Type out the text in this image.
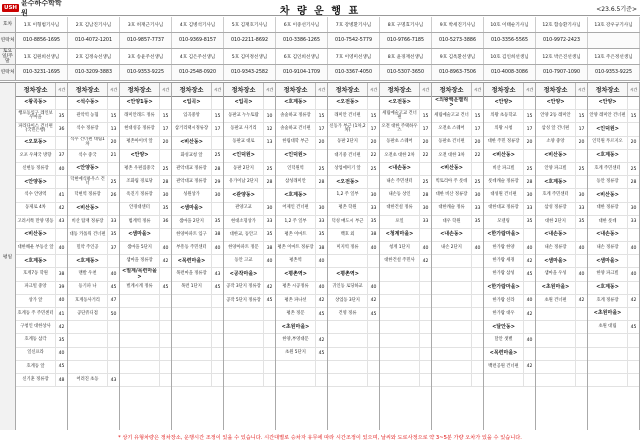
USH
윤수하수학학원	차 량 운 행 표	<23.6.5기준>
호차	1호 이형범기사님	2호 김남진기사님	3호 허재근기사님	4호 김병석기사님	5호 김재호기사님	6호 이중선기사님	7호 강병환기사님	8호 구명효기사님	9호 박세진기사님	10호 이태순기사님	12호 함승환기사님	13호 강우규기사님
연락처	010-8856-1695	010-4072-1201	010-9857-7737	010-9369-8157	010-2211-8692	010-3386-1265	010-7542-5779	010-9766-7185	010-5273-3886	010-3356-5565	010-9972-2423
토요일/주말
1호 김원희선생님	2호 김정숙선생님	3호 송윤주선생님	4호 김은주선생님	5호 김미정선생님	6호 김인희선생님	7호 이영미선생님	8호 윤경재선생님	9호 김옥환선생님	10호 김인희선생님	12호 박은진선생님	13호 주은정선생님
연락처	010-3231-1695	010-3209-3883	010-9353-9225	010-2548-0920	010-9343-2582	010-9104-1709	010-3367-4050	010-5307-3650	010-8963-7506	010-4008-3086	010-7907-1090	010-9353-9225
평일
정차장소	시간
<왕곡동>
행포동입구 레인보우마을	35
파라다이스 건너편(국민은행)	36
<오포동>
오포 우체국 방향	37
신현동 정류장	40
<안양동>
석수 안양역	41
동제로 4차	42
고려서쪽 만양 명동	43
<비산동>
대한해운 부동산 앞	40
<호계동>
호계7동 학원	38
파크빌 중앙	39
상가 앞	40
호계동 주 주민센터	41
구청인 대한상사	42
호계동 삼각	35
일신프라	40
호계동 앞	45
신기훈 정류장	48
정차장소	시간
<석수동>
관악역 농협	15
석수 정류장	13
석수 건너편 대림1차	20
석수 중국	21
<안양동>
덕현예식하우스 건너	25
덕현역 정류장	26
<비산동>
비산 탑재 정류장	33
대동 카톨릭 건너편	35
밀약 주인공	37
<호계동>
맨발 우천	40
등기파 나	45
호계동사거리	47
공단쥬디점	50
어려진 초동	43
정차장소	시간
<안양1동>
래미안래드 정류	15
현대성공 정류장	17
평촌아이비 앞	20
<안양>
평촌 우편집중국	25
조화림 경로당	28
옥진기 정류장	30
안경대센터	35
범계역 정류	36
<샘마을>
샘마을 5단지	40
샘마을 정류장	42
<벌계/목련마을>
벌계시계 정류	45
정차장소	시간
<입곡>
입곡중앙	15
삼거리택시정류장	17
<비산동>
화성교청 앞	25
관악대교 정류장	28
관악대교 정류장	29
성원상가	30
<샘마을>
샘마을 2단지	35
한양아파트 입구	38
부흥동 주민센터	40
<목련마을>
목련마을 정류장	43
목련 1단지	45
정차장소	시간
<입곡>
동판교 누누토람	10
동판교 사거리	12
동판교 대로	13
<인덕원>
동판 2단지	25
유가이남 2단지	28
<관양동>
관양고교	30
현대소형상가	33
대한교, 동안고	35
한양아파트 정문	38
동안 고교	40
<공작마을>
공작 3단지 정류장	42
공작 5단지 정류장	45
정차장소	시간
<호계동>
솔숲하교 정류장	15
솔숲하교 건너편	17
한림대학 부근	20
<인덕원>
인덕원역	25
삼성래미안	28
<호계동>
어제인 건너편	30
1,2 주 일부	33
평촌 이마트	35
평촌 이마트 정류장	38
평촌역	40
<평촌역>
평촌 시공정류	40
평촌 파나선	42
평촌 정문	45
<초원마을>
한양,부영대문	42
초원 5단지	45
정차장소	시간
<오전동>
래미안 건너편	15
신동가 부근 (1차,2차)	17
동판 2단지	20
대기중 건너편	22
상업예미기 앞	25
<오전동>
1,2 주 일부	30
평촌 학원	33
덕성 매도시 부근	35
백호 외	38
미지역 정류	40
<평촌역>
귀인동 로딩하교	40
상업동 3단지	42
건영 정류	45
정차장소	시간
<오전동>
세림예술고교 건너편	15
오전 대한 주택하우스	17
동판초 스퀘어	20
오전초 대한 2차	22
<내손동>
내손 주민센터	25
내손동 상인	28
대한건설 정류	30
포일	33
<청계마을>
청계 1단지	40
대한건설 주민사	42
정차장소	시간
<의왕백운밸리>
세림예술고교 건너	15
오전초 스퀘어	17
동판초 건너편	20
오전 대한 3차	22
<비산동>
빅토리아 주 롯데	25
대한 비산 정류장	30
대한캐슬 정류	33
대우 학원	35
<내손동>
내손 2단지	40
정차장소	시간
<안양>
의왕 초등학교	15
의왕 시청	17
대한 주민 정류장	20
<비산동>
비산 파크빌	25
롯데캐슬 정류장	28
대성원 건너편	30
대한대교 정류장	33
모델링	35
<한가람마을>
한가람 한양	40
한가람 세경	42
한가람 삼성	45
<한가람마을>
한가람 신라	40
한가람 대우	42
<달안동>
달안 샛별	40
<목련마을>
백련공원 건너편	42
정차장소	시간
<안양>
안양 2동 레미안	15
삼성 앞 건너편	17
소양 중앙	20
<비산동>
안양 파크빌	25
<호계동>
호계 주민센터	30
삼성 정류장	33
대한 2단지	35
<내손동>
내손 정류장	40
<샘마을>
샘마을 우성	40
<초원마을>
초원 건너편	42
정차장소	시간
<안양>
안양 레미안 건너편	15
<인덕원>
인덕원 푸르지오	20
<호계동>
호계 주민센터	25
동안 정류장	28
<비산동>
대한 정류장	30
대한 롯데	33
<내손동>
내손 정류장	40
<샘마을>
한양 파크빌	40
<호계동>
호계 정류장	42
<초원마을>
초원 대림	45
* 상기 유형차량은 정차장소, 운행시간 조정이 있을 수 있습니다. 시간대별로 승차자 유무에 따라 시간조정이 있으며, 날씨와 도로사정으로 약 3~5분 가량 오차가 있을 수 있습니다.
